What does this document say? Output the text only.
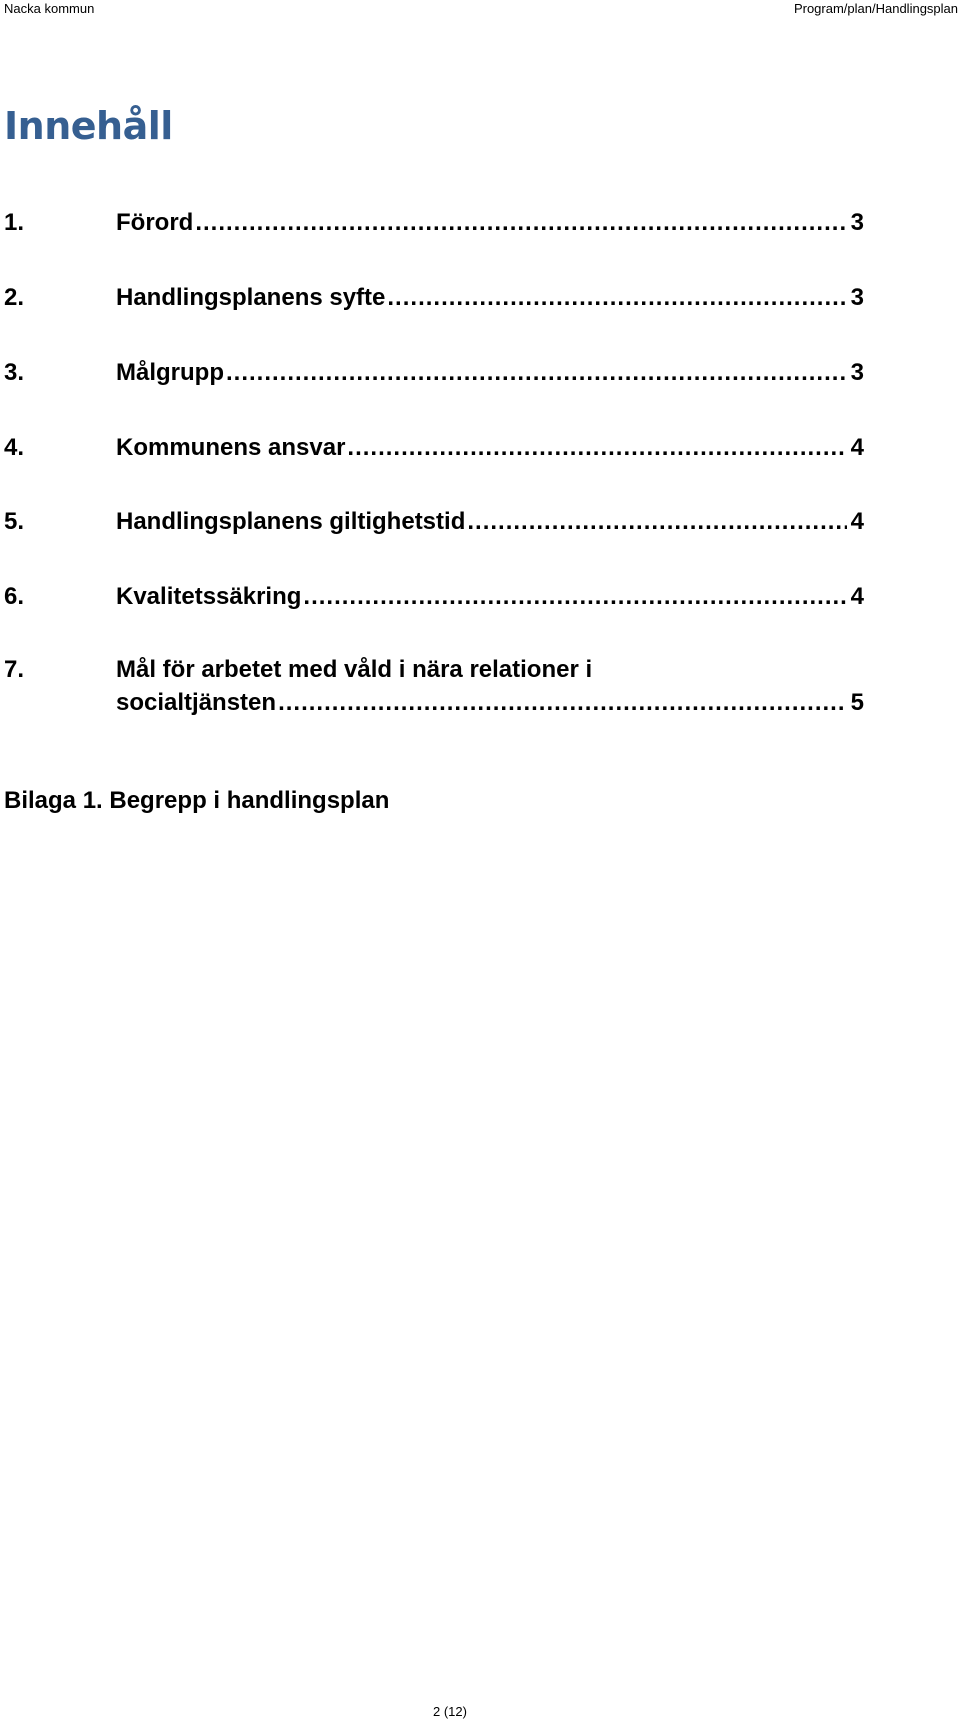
Nacka kommun	Program/plan/Handlingsplan
Innehåll
1.	Förord .....	3
2.	Handlingsplanens syfte .....	3
3.	Målgrupp .....	3
4.	Kommunens ansvar .....	4
5.	Handlingsplanens giltighetstid .....	4
6.	Kvalitetssäkring .....	4
7.	Mål för arbetet med våld i nära relationer i
socialtjänsten .....	5
Bilaga 1. Begrepp i handlingsplan
2 (12)
